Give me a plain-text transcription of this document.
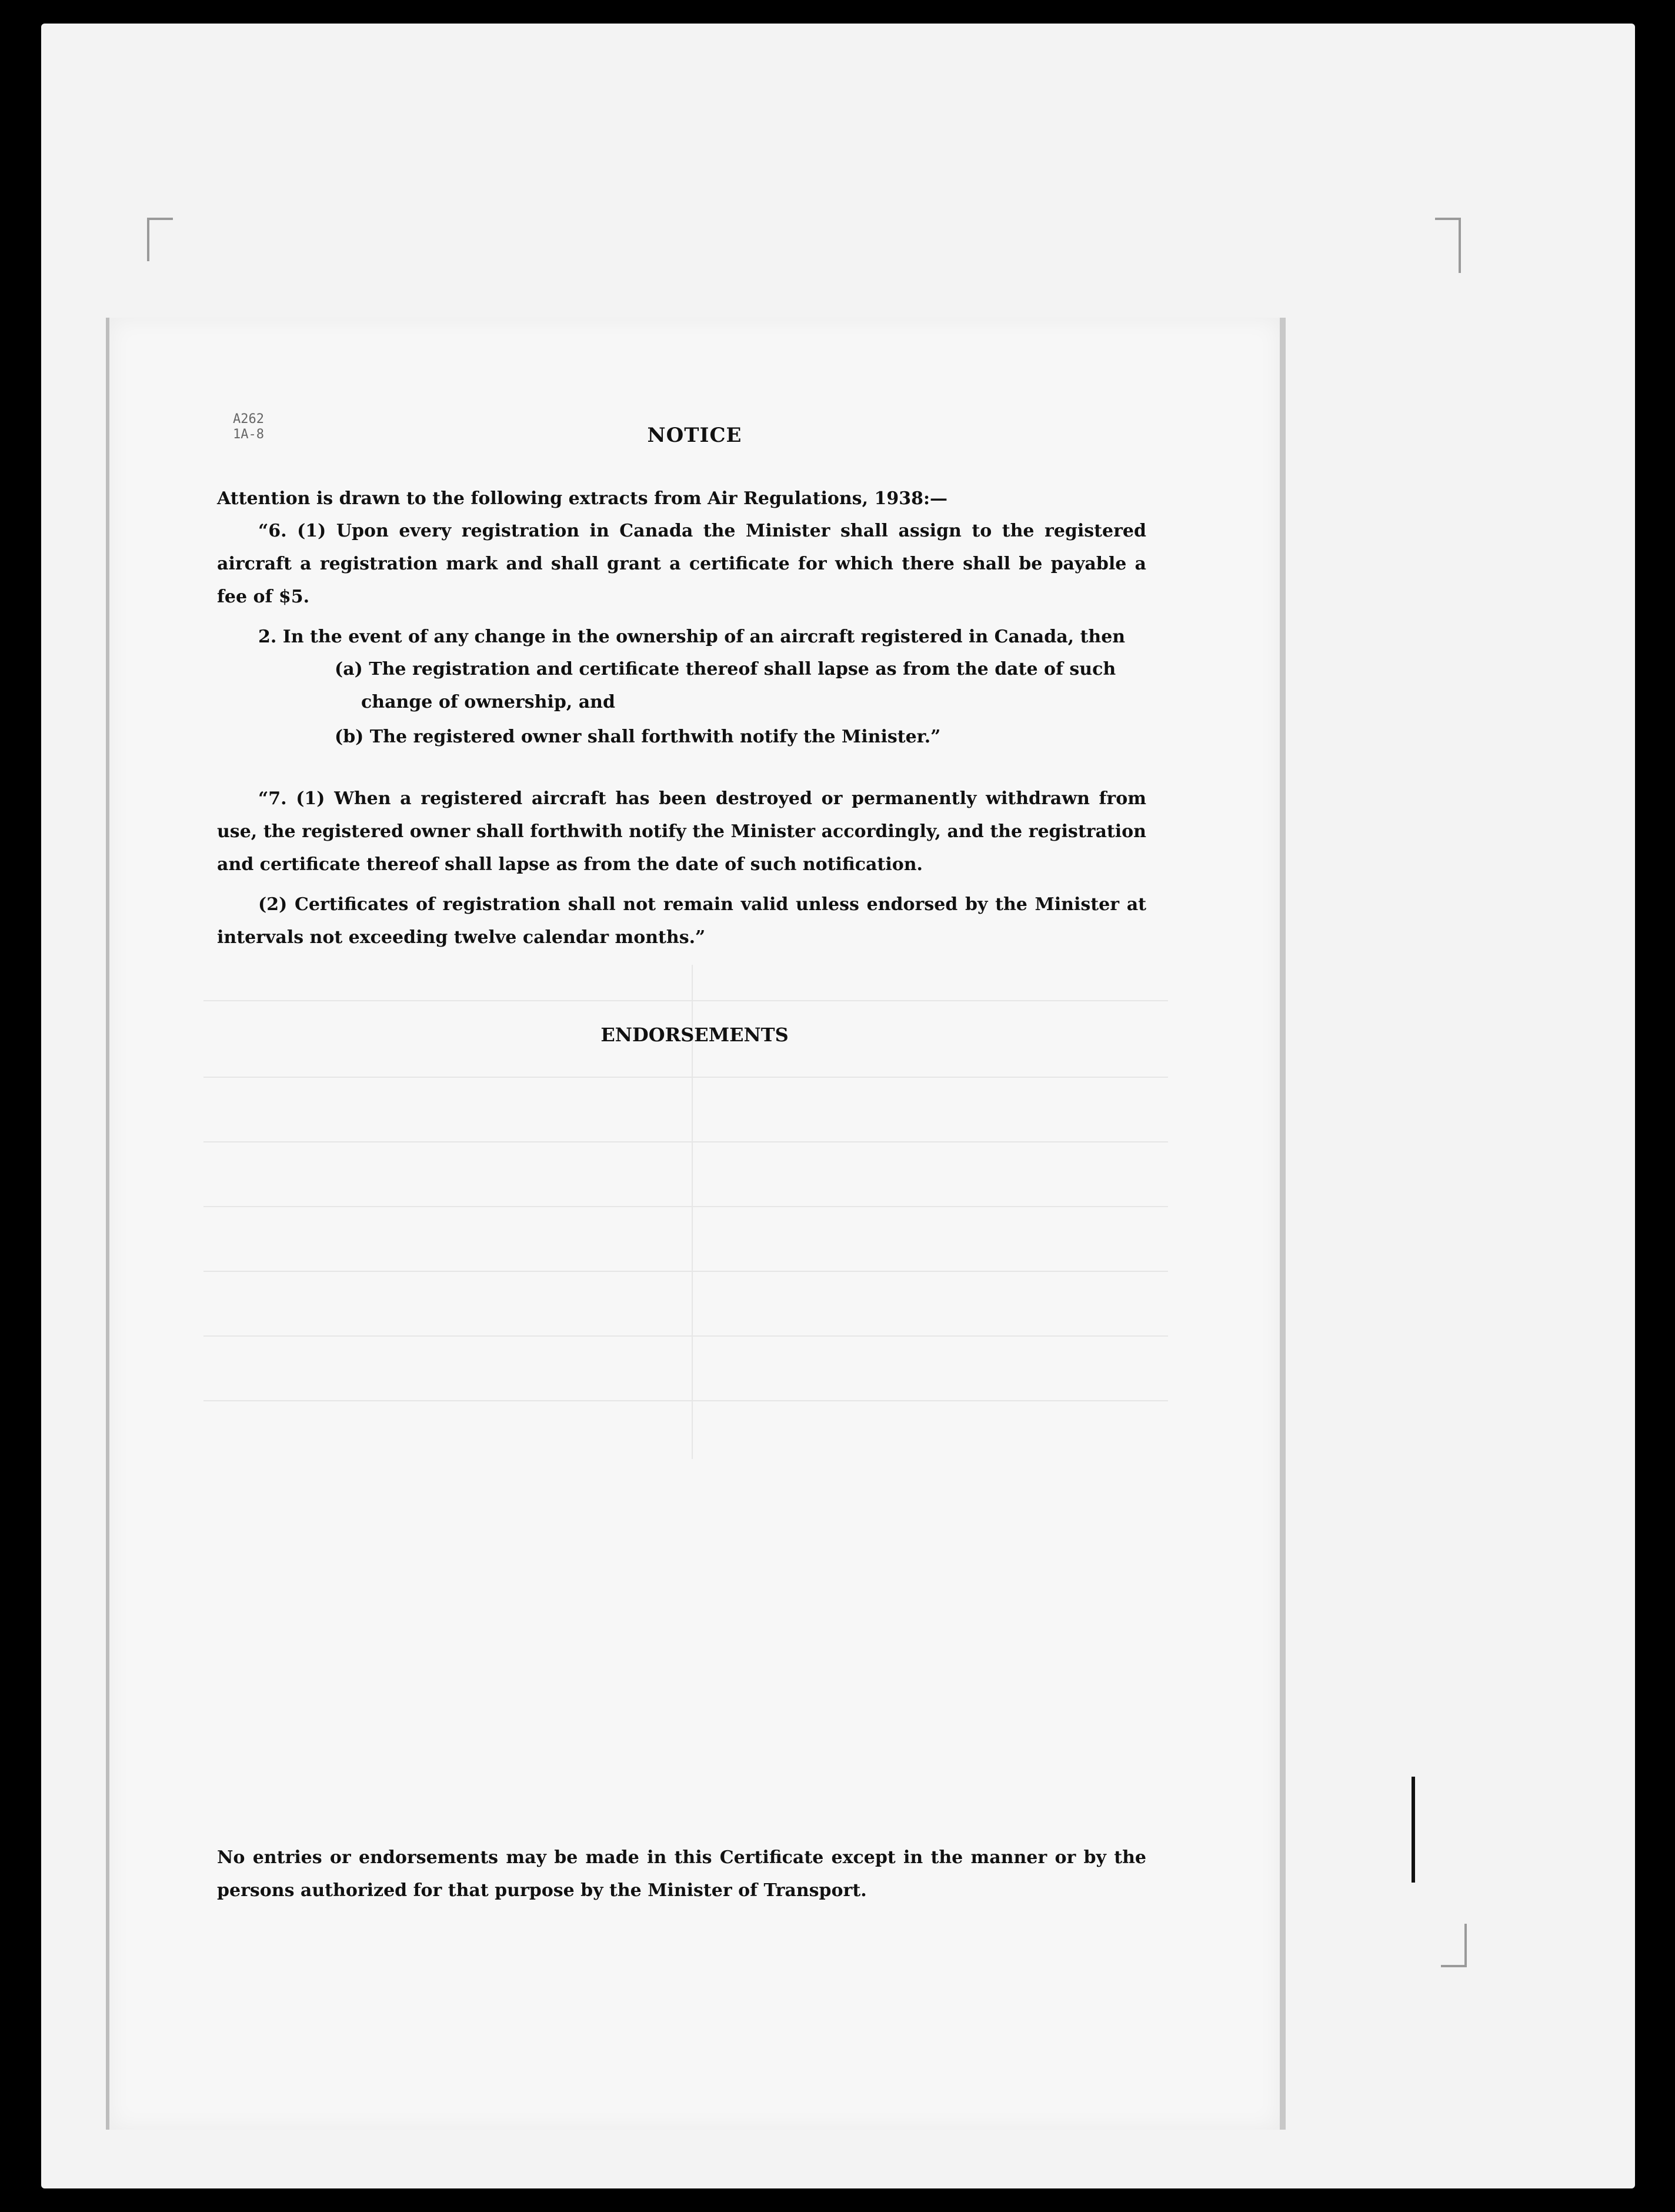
A262
1A-8	NOTICE
Attention is drawn to the following extracts from Air Regulations, 1938:—
“6. (1) Upon every registration in Canada the Minister shall assign to the registered aircraft a registration mark and shall grant a certificate for which there shall be payable a fee of $5.
2. In the event of any change in the ownership of an aircraft registered in Canada, then
(a) The registration and certificate thereof shall lapse as from the date of such change of ownership, and
(b) The registered owner shall forthwith notify the Minister.”
“7. (1) When a registered aircraft has been destroyed or permanently withdrawn from use, the registered owner shall forthwith notify the Minister accordingly, and the registration and certificate thereof shall lapse as from the date of such notification.
(2) Certificates of registration shall not remain valid unless endorsed by the Minister at intervals not exceeding twelve calendar months.”
ENDORSEMENTS
No entries or endorsements may be made in this Certificate except in the manner or by the persons authorized for that purpose by the Minister of Transport.
